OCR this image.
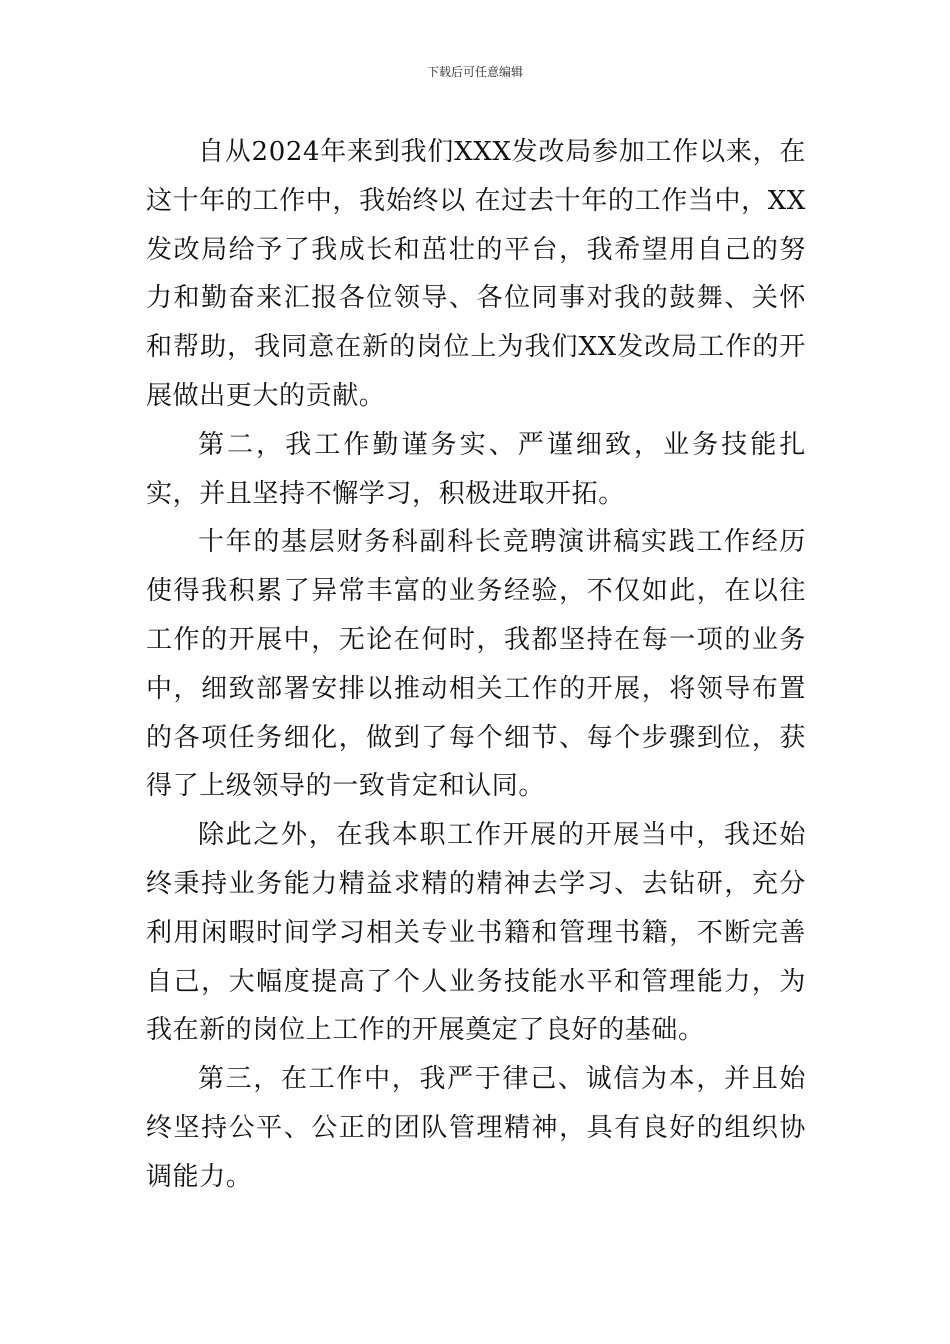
下载后可任意编辑

自从2024年来到我们XXX发改局参加工作以来，在这十年的工作中，我始终以 在过去十年的工作当中，XX发改局给予了我成长和茁壮的平台，我希望用自己的努力和勤奋来汇报各位领导、各位同事对我的鼓舞、关怀和帮助，我同意在新的岗位上为我们XX发改局工作的开展做出更大的贡献。

第二，我工作勤谨务实、严谨细致，业务技能扎实，并且坚持不懈学习，积极进取开拓。

十年的基层财务科副科长竞聘演讲稿实践工作经历使得我积累了异常丰富的业务经验，不仅如此，在以往工作的开展中，无论在何时，我都坚持在每一项的业务中，细致部署安排以推动相关工作的开展，将领导布置的各项任务细化，做到了每个细节、每个步骤到位，获得了上级领导的一致肯定和认同。

除此之外，在我本职工作开展的开展当中，我还始终秉持业务能力精益求精的精神去学习、去钻研，充分利用闲暇时间学习相关专业书籍和管理书籍，不断完善自己，大幅度提高了个人业务技能水平和管理能力，为我在新的岗位上工作的开展奠定了良好的基础。

第三，在工作中，我严于律己、诚信为本，并且始终坚持公平、公正的团队管理精神，具有良好的组织协调能力。
